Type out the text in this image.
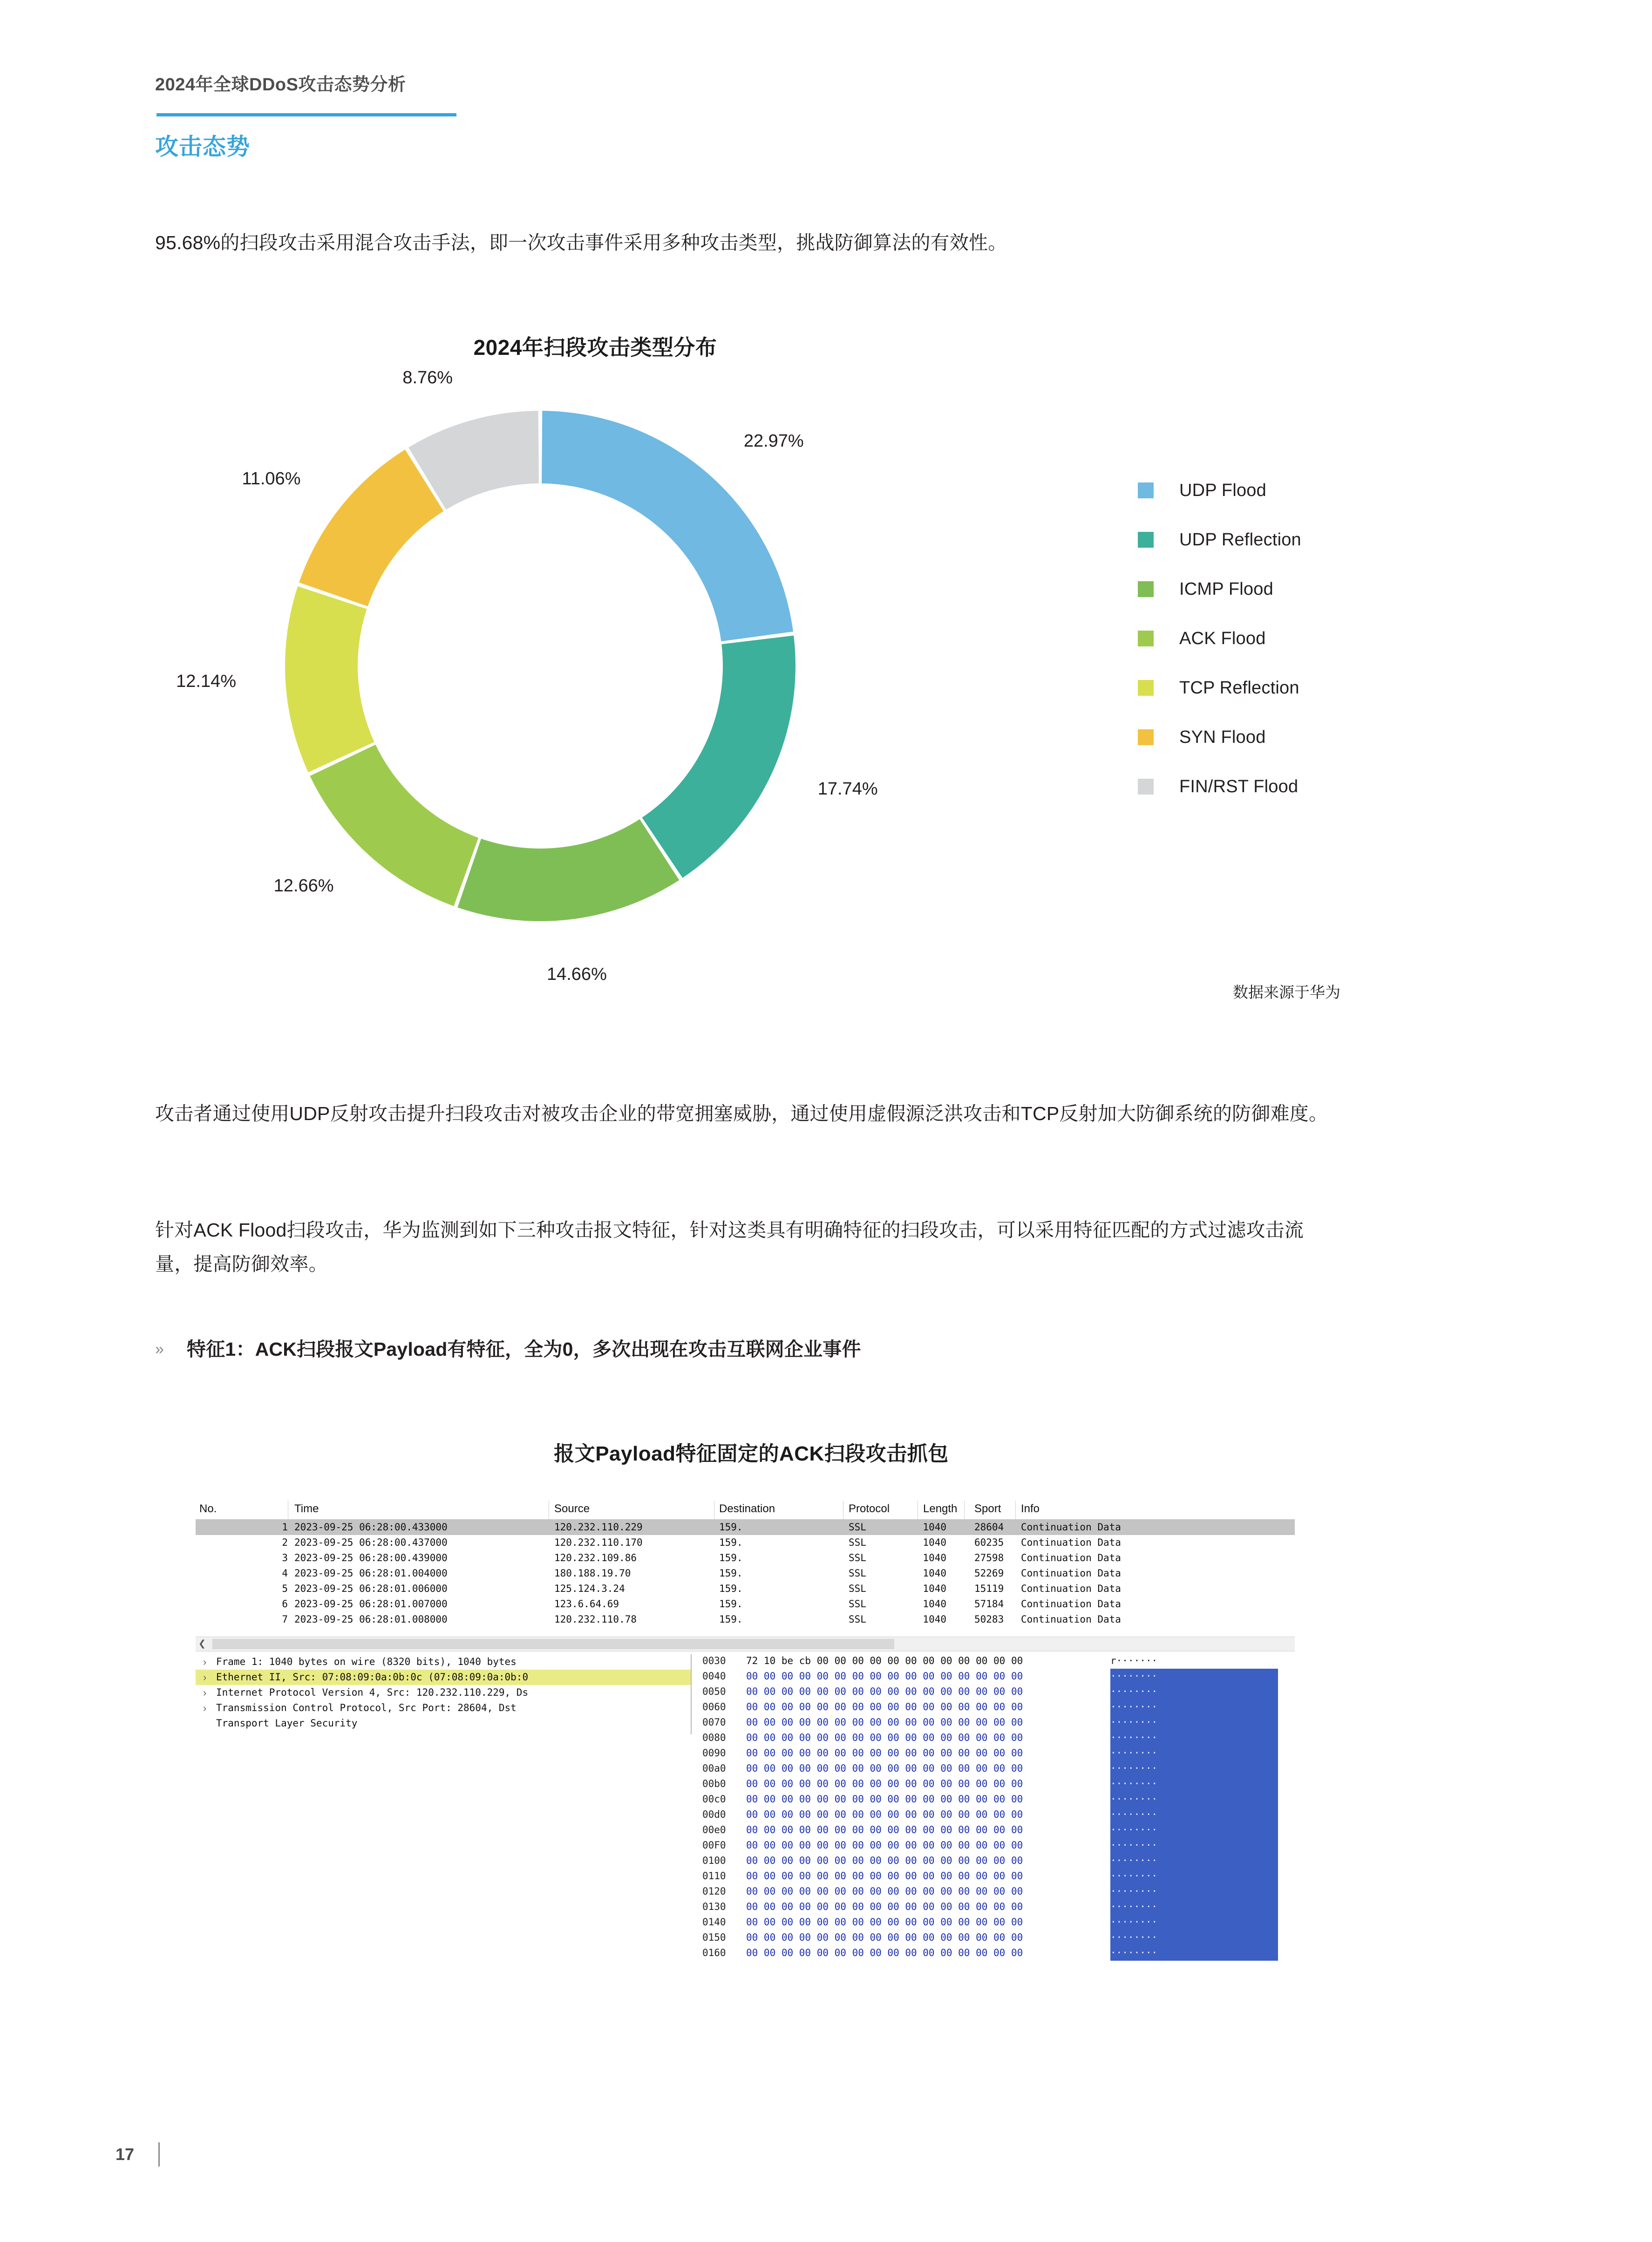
2024年全球DDoS攻击态势分析
攻击态势
95.68%的扫段攻击采用混合攻击手法，即一次攻击事件采用多种攻击类型，挑战防御算法的有效性。
2024年扫段攻击类型分布
22.97%
17.74%
14.66%
12.66%
12.14%
11.06%
8.76%
UDP Flood
UDP Reflection
ICMP Flood
ACK Flood
TCP Reflection
SYN Flood
FIN/RST Flood
数据来源于华为
攻击者通过使用UDP反射攻击提升扫段攻击对被攻击企业的带宽拥塞威胁，通过使用虚假源泛洪攻击和TCP反射加大防御系统的防御难度。
针对ACK Flood扫段攻击，华为监测到如下三种攻击报文特征，针对这类具有明确特征的扫段攻击，可以采用特征匹配的方式过滤攻击流量，提高防御效率。
»	特征1：ACK扫段报文Payload有特征，全为0，多次出现在攻击互联网企业事件
报文Payload特征固定的ACK扫段攻击抓包
No.	Time	Source	Destination	Protocol	Length Sport Info
1 2023-09-25 06:28:00.433000	120.232.110.229	159.	SSL	1040	28604 Continuation Data
2 2023-09-25 06:28:00.437000	120.232.110.170	159.	SSL	1040	60235 Continuation Data
3 2023-09-25 06:28:00.439000	120.232.109.86	159.	SSL	1040	27598 Continuation Data
4 2023-09-25 06:28:01.004000	180.188.19.70	159.	SSL	1040	52269 Continuation Data
5 2023-09-25 06:28:01.006000	125.124.3.24	159.	SSL	1040	15119 Continuation Data
6 2023-09-25 06:28:01.007000	123.6.64.69	159.	SSL	1040	57184 Continuation Data
7 2023-09-25 06:28:01.008000	120.232.110.78	159.	SSL	1040	50283 Continuation Data
❮
› Frame 1: 1040 bytes on wire (8320 bits), 1040 bytes
› Ethernet II, Src: 07:08:09:0a:0b:0c (07:08:09:0a:0b:0
› Internet Protocol Version 4, Src: 120.232.110.229, Ds
› Transmission Control Protocol, Src Port: 28604, Dst
Transport Layer Security
0030 72 10 be cb 00 00 00 00 00 00 00 00 00 00 00 00	r·······
0040 00 00 00 00 00 00 00 00 00 00 00 00 00 00 00 00	········
0050 00 00 00 00 00 00 00 00 00 00 00 00 00 00 00 00	········
0060 00 00 00 00 00 00 00 00 00 00 00 00 00 00 00 00	········
0070 00 00 00 00 00 00 00 00 00 00 00 00 00 00 00 00	········
0080 00 00 00 00 00 00 00 00 00 00 00 00 00 00 00 00	········
0090 00 00 00 00 00 00 00 00 00 00 00 00 00 00 00 00	········
00a0 00 00 00 00 00 00 00 00 00 00 00 00 00 00 00 00	········
00b0 00 00 00 00 00 00 00 00 00 00 00 00 00 00 00 00	········
00c0 00 00 00 00 00 00 00 00 00 00 00 00 00 00 00 00	········
00d0 00 00 00 00 00 00 00 00 00 00 00 00 00 00 00 00	········
00e0 00 00 00 00 00 00 00 00 00 00 00 00 00 00 00 00	········
00F0 00 00 00 00 00 00 00 00 00 00 00 00 00 00 00 00	········
0100 00 00 00 00 00 00 00 00 00 00 00 00 00 00 00 00	········
0110 00 00 00 00 00 00 00 00 00 00 00 00 00 00 00 00	········
0120 00 00 00 00 00 00 00 00 00 00 00 00 00 00 00 00	········
0130 00 00 00 00 00 00 00 00 00 00 00 00 00 00 00 00	········
0140 00 00 00 00 00 00 00 00 00 00 00 00 00 00 00 00	········
0150 00 00 00 00 00 00 00 00 00 00 00 00 00 00 00 00	········
0160 00 00 00 00 00 00 00 00 00 00 00 00 00 00 00 00	········
17
